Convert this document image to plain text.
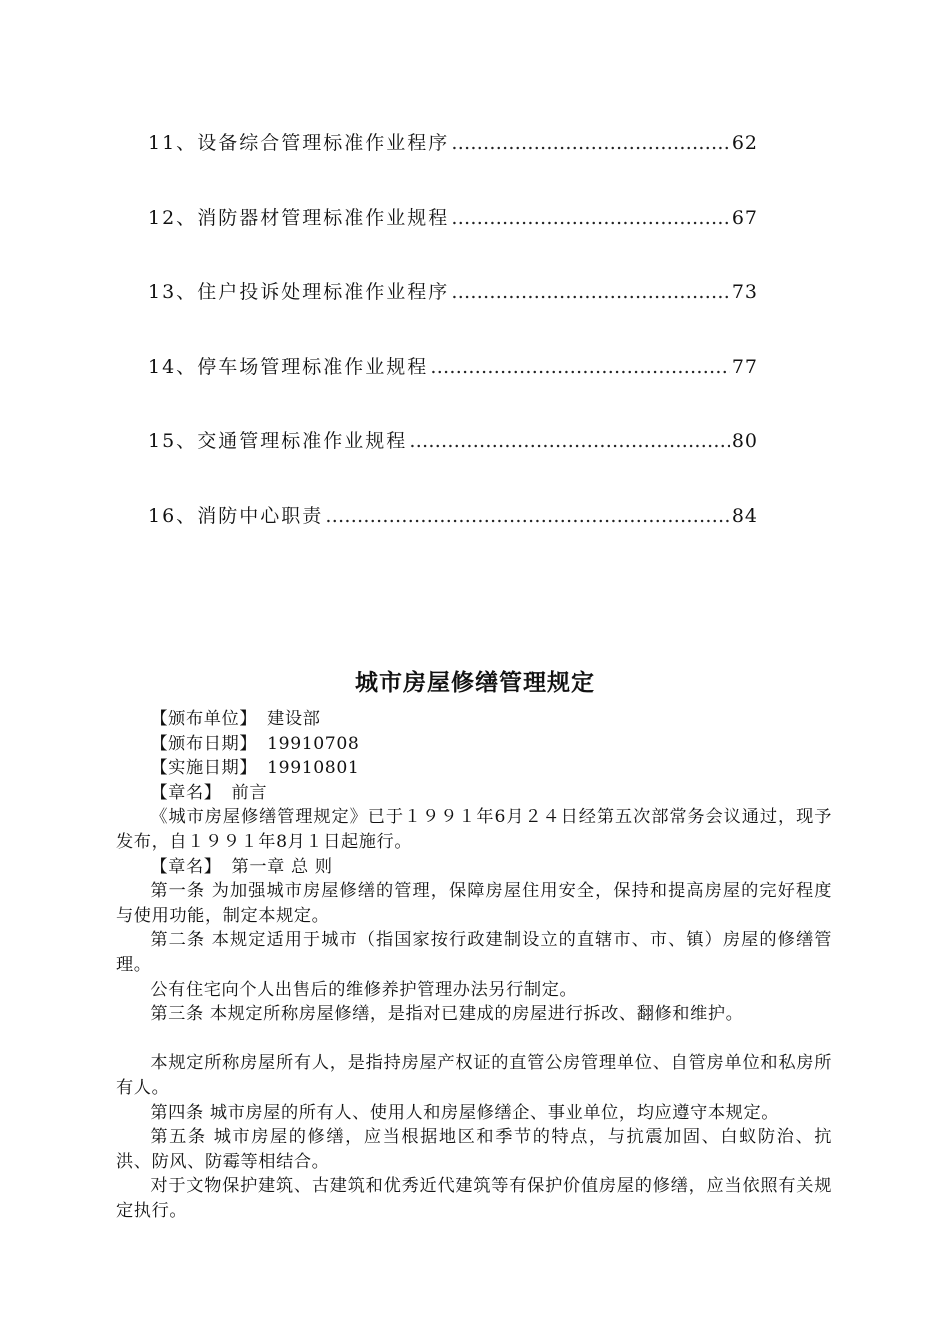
11、 设备综合管理标准作业程序 ……………………………………………………………………………………………………………………	62
12、 消防器材管理标准作业规程 ……………………………………………………………………………………………………………………	67
13、 住户投诉处理标准作业程序 ……………………………………………………………………………………………………………………	73
14、 停车场管理标准作业规程 ……………………………………………………………………………………………………………………	77
15、 交通管理标准作业规程 ……………………………………………………………………………………………………………………	80
16、 消防中心职责 ……………………………………………………………………………………………………………………	84
城市房屋修缮管理规定

【颁布单位】 建设部

【颁布日期】 19910708

【实施日期】 19910801

【章名】 前言

《城市房屋修缮管理规定》已于１９９１年6月２４日经第五次部常务会议通过，现予发布，自１９９１年8月１日起施行。

【章名】 第一章 总 则

第一条 为加强城市房屋修缮的管理，保障房屋住用安全，保持和提高房屋的完好程度与使用功能，制定本规定。

第二条 本规定适用于城市（指国家按行政建制设立的直辖市、市、镇）房屋的修缮管理。

公有住宅向个人出售后的维修养护管理办法另行制定。

第三条 本规定所称房屋修缮，是指对已建成的房屋进行拆改、翻修和维护。

本规定所称房屋所有人，是指持房屋产权证的直管公房管理单位、自管房单位和私房所有人。

第四条 城市房屋的所有人、使用人和房屋修缮企、事业单位，均应遵守本规定。

第五条 城市房屋的修缮，应当根据地区和季节的特点，与抗震加固、白蚁防治、抗洪、防风、防霉等相结合。

对于文物保护建筑、古建筑和优秀近代建筑等有保护价值房屋的修缮，应当依照有关规定执行。
